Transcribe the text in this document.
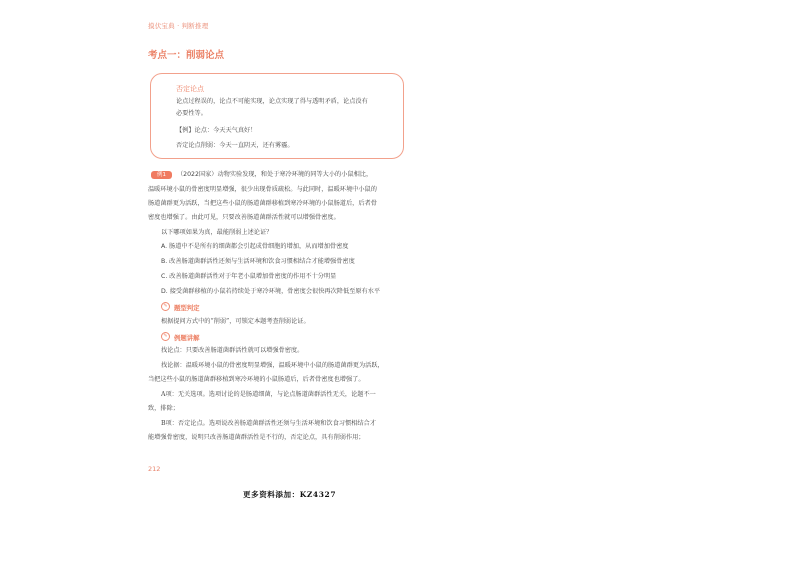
摸伏宝典 · 判断推理
考点一：削弱论点
否定论点
论点过程误的，论点不可能实现，论点实现了得与透明矛盾，论点没有
必要性等。
【例】论点：今天天气真好！
否定论点削弱：今天一直阴天，还有雾霾。
例1	（2022国家）动物实验发现，和处于寒冷环境的同等大小的小鼠相比，
温暖环境小鼠的骨密度明显增强，很少出现骨质疏松。与此同时，温暖环境中小鼠的
肠道菌群更为活跃，当把这些小鼠的肠道菌群移植到寒冷环境的小鼠肠道后，后者骨
密度也增强了。由此可见，只要改善肠道菌群活性就可以增强骨密度。
以下哪项如果为真，最能削弱上述论证？
A. 肠道中不是所有的细菌都会引起成骨细胞的增加，从而增加骨密度
B. 改善肠道菌群活性还须与生活环境和饮食习惯相结合才能增强骨密度
C. 改善肠道菌群活性对于年老小鼠增加骨密度的作用不十分明显
D. 接受菌群移植的小鼠若持续处于寒冷环境，骨密度会很快再次降低至原有水平
✎	题型判定
根据提问方式中的“削弱”，可锁定本题考查削弱论证。
✎	例题讲解
找论点：只要改善肠道菌群活性就可以增强骨密度。
找论据：温暖环境小鼠的骨密度明显增强，温暖环境中小鼠的肠道菌群更为活跃，
当把这些小鼠的肠道菌群移植到寒冷环境的小鼠肠道后，后者骨密度也增强了。
A项：无关选项。选项讨论的是肠道细菌，与论点肠道菌群活性无关，论题不一
致，排除；
B项：否定论点。选项说改善肠道菌群活性还须与生活环境和饮食习惯相结合才
能增强骨密度，说明只改善肠道菌群活性是不行的，否定论点，具有削弱作用；
212
更多资料添加：KZ4327
